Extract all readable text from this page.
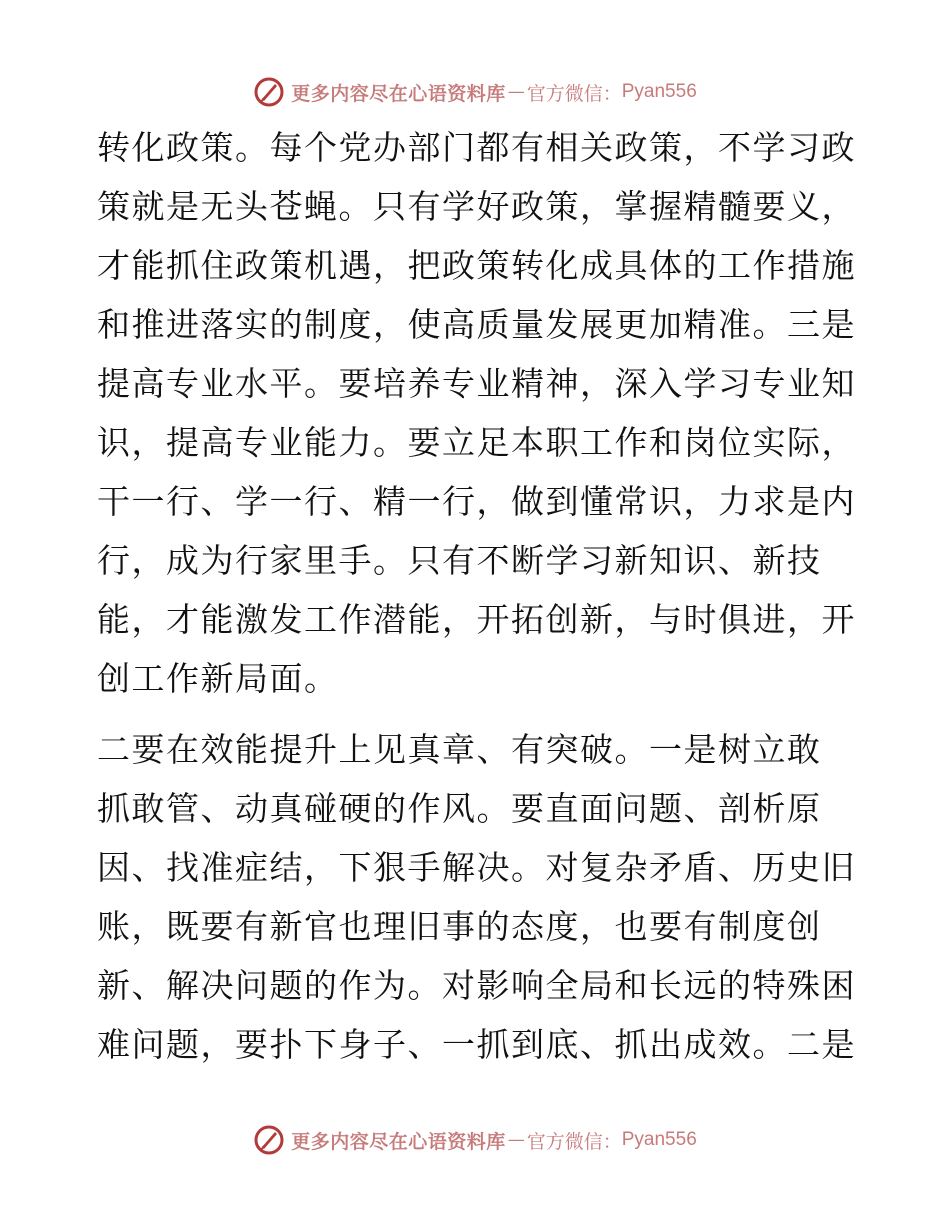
更多内容尽在心语资料库 — 官方微信： Pyan556
转化政策。每个党办部门都有相关政策，不学习政
策就是无头苍蝇。只有学好政策，掌握精髓要义，
才能抓住政策机遇，把政策转化成具体的工作措施
和推进落实的制度，使高质量发展更加精准。三是
提高专业水平。要培养专业精神，深入学习专业知
识，提高专业能力。要立足本职工作和岗位实际，
干一行、学一行、精一行，做到懂常识，力求是内
行，成为行家里手。只有不断学习新知识、新技
能，才能激发工作潜能，开拓创新，与时俱进，开
创工作新局面。
二要在效能提升上见真章、有突破。一是树立敢
抓敢管、动真碰硬的作风。要直面问题、剖析原
因、找准症结，下狠手解决。对复杂矛盾、历史旧
账，既要有新官也理旧事的态度，也要有制度创
新、解决问题的作为。对影响全局和长远的特殊困
难问题，要扑下身子、一抓到底、抓出成效。二是
更多内容尽在心语资料库 — 官方微信： Pyan556
